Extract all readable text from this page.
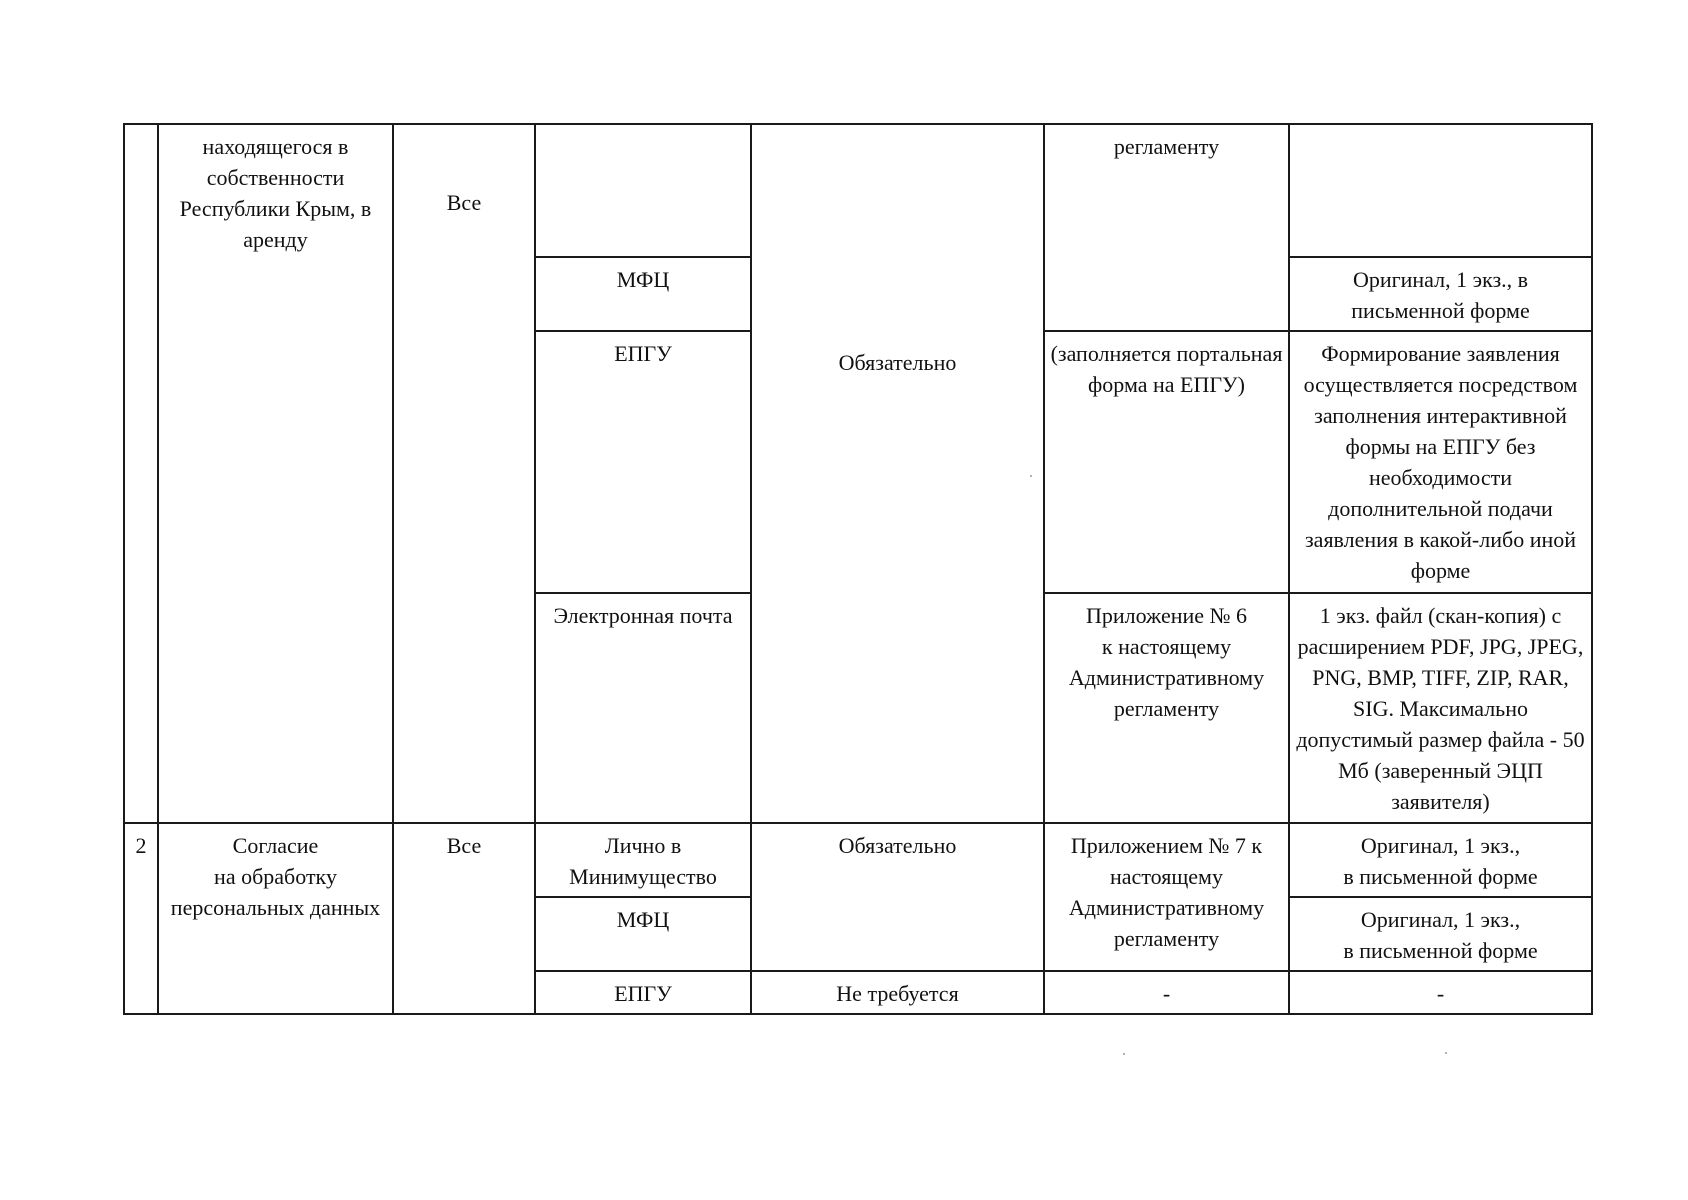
	находящегося в собственности Республики Крым, в аренду	Все		Обязательно	регламенту	
			МФЦ			Оригинал, 1 экз., в письменной форме
			ЕПГУ		(заполняется портальная форма на ЕПГУ)	Формирование заявления осуществляется посредством заполнения интерактивной формы на ЕПГУ без необходимости дополнительной подачи заявления в какой-либо иной форме
			Электронная почта		Приложение № 6
к настоящему Административному регламенту	1 экз. файл (скан-копия) с расширением PDF, JPG, JPEG, PNG, BMP, TIFF, ZIP, RAR, SIG. Максимально допустимый размер файла - 50 Мб (заверенный ЭЦП заявителя)
2	Согласие
на обработку персональных данных	Все	Лично в Минимущество	Обязательно	Приложением № 7 к настоящему Административному регламенту	Оригинал, 1 экз.,
в письменной форме
			МФЦ			Оригинал, 1 экз.,
в письменной форме
			ЕПГУ	Не требуется	-	-
